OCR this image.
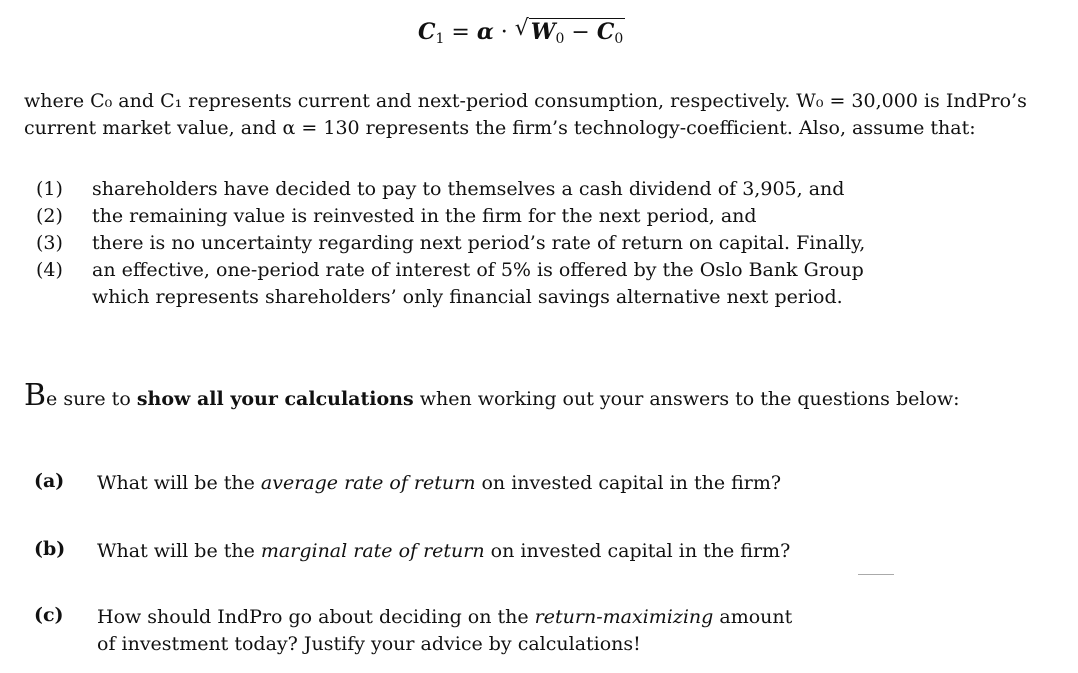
C1 = α · √ W0 − C0
where C₀ and C₁ represents current and next-period consumption, respectively. W₀ = 30,000 is IndPro’s
current market value, and α = 130 represents the firm’s technology-coefficient. Also, assume that:
(1) shareholders have decided to pay to themselves a cash dividend of 3,905, and
(2) the remaining value is reinvested in the firm for the next period, and
(3) there is no uncertainty regarding next period’s rate of return on capital. Finally,
(4) an effective, one-period rate of interest of 5% is offered by the Oslo Bank Group
which represents shareholders’ only financial savings alternative next period.
Be sure to show all your calculations when working out your answers to the questions below:
(a) What will be the average rate of return on invested capital in the firm?
(b) What will be the marginal rate of return on invested capital in the firm?
(c) How should IndPro go about deciding on the return-maximizing amount
of investment today? Justify your advice by calculations!
